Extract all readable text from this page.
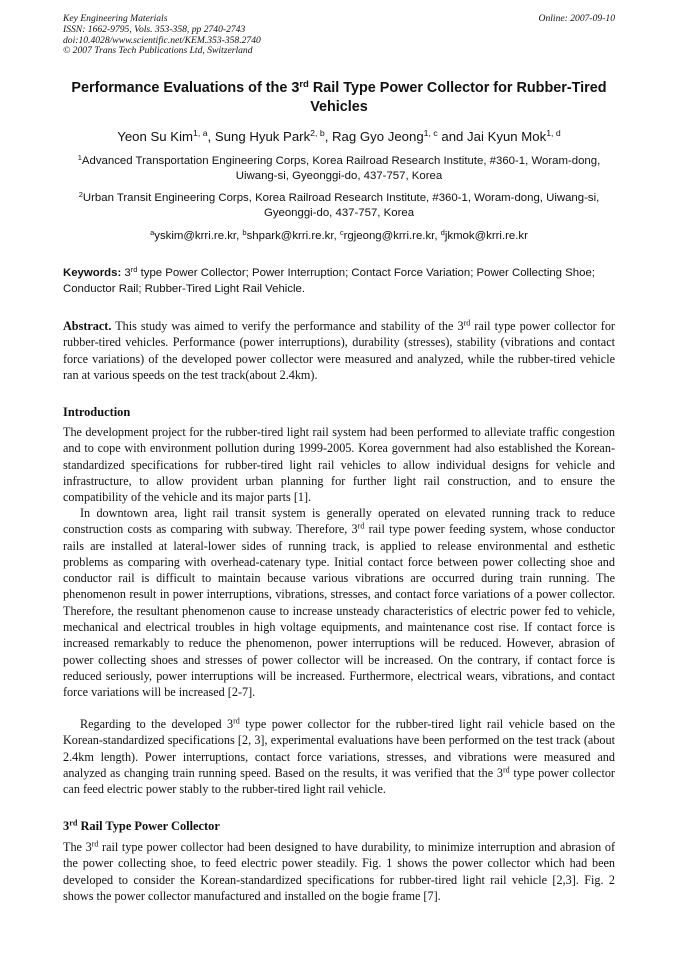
Key Engineering Materials
ISSN: 1662-9795, Vols. 353-358, pp 2740-2743
doi:10.4028/www.scientific.net/KEM.353-358.2740
© 2007 Trans Tech Publications Ltd, Switzerland
Online: 2007-09-10
Performance Evaluations of the 3rd Rail Type Power Collector for Rubber-Tired Vehicles
Yeon Su Kim$^{1, a}$, Sung Hyuk Park$^{2, b}$, Rag Gyo Jeong$^{1, c}$ and Jai Kyun Mok$^{1, d}$
$^1$Advanced Transportation Engineering Corps, Korea Railroad Research Institute, #360-1, Woram-dong, Uiwang-si, Gyeonggi-do, 437-757, Korea
$^2$Urban Transit Engineering Corps, Korea Railroad Research Institute, #360-1, Woram-dong, Uiwang-si, Gyeonggi-do, 437-757, Korea
$^a$yskim@krri.re.kr, $^b$shpark@krri.re.kr, $^c$rgjeong@krri.re.kr, $^d$jkmok@krri.re.kr
Keywords: 3rd type Power Collector; Power Interruption; Contact Force Variation; Power Collecting Shoe; Conductor Rail; Rubber-Tired Light Rail Vehicle.
Abstract. This study was aimed to verify the performance and stability of the 3rd rail type power collector for rubber-tired vehicles. Performance (power interruptions), durability (stresses), stability (vibrations and contact force variations) of the developed power collector were measured and analyzed, while the rubber-tired vehicle ran at various speeds on the test track(about 2.4km).
Introduction
The development project for the rubber-tired light rail system had been performed to alleviate traffic congestion and to cope with environment pollution during 1999-2005. Korea government had also established the Korean-standardized specifications for rubber-tired light rail vehicles to allow individual designs for vehicle and infrastructure, to allow provident urban planning for further light rail construction, and to ensure the compatibility of the vehicle and its major parts [1].
In downtown area, light rail transit system is generally operated on elevated running track to reduce construction costs as comparing with subway. Therefore, 3rd rail type power feeding system, whose conductor rails are installed at lateral-lower sides of running track, is applied to release environmental and esthetic problems as comparing with overhead-catenary type. Initial contact force between power collecting shoe and conductor rail is difficult to maintain because various vibrations are occurred during train running. The phenomenon result in power interruptions, vibrations, stresses, and contact force variations of a power collector. Therefore, the resultant phenomenon cause to increase unsteady characteristics of electric power fed to vehicle, mechanical and electrical troubles in high voltage equipments, and maintenance cost rise. If contact force is increased remarkably to reduce the phenomenon, power interruptions will be reduced. However, abrasion of power collecting shoes and stresses of power collector will be increased. On the contrary, if contact force is reduced seriously, power interruptions will be increased. Furthermore, electrical wears, vibrations, and contact force variations will be increased [2-7].
Regarding to the developed 3rd type power collector for the rubber-tired light rail vehicle based on the Korean-standardized specifications [2, 3], experimental evaluations have been performed on the test track (about 2.4km length). Power interruptions, contact force variations, stresses, and vibrations were measured and analyzed as changing train running speed. Based on the results, it was verified that the 3rd type power collector can feed electric power stably to the rubber-tired light rail vehicle.
3rd Rail Type Power Collector
The 3rd rail type power collector had been designed to have durability, to minimize interruption and abrasion of the power collecting shoe, to feed electric power steadily. Fig. 1 shows the power collector which had been developed to consider the Korean-standardized specifications for rubber-tired light rail vehicle [2,3]. Fig. 2 shows the power collector manufactured and installed on the bogie frame [7].
